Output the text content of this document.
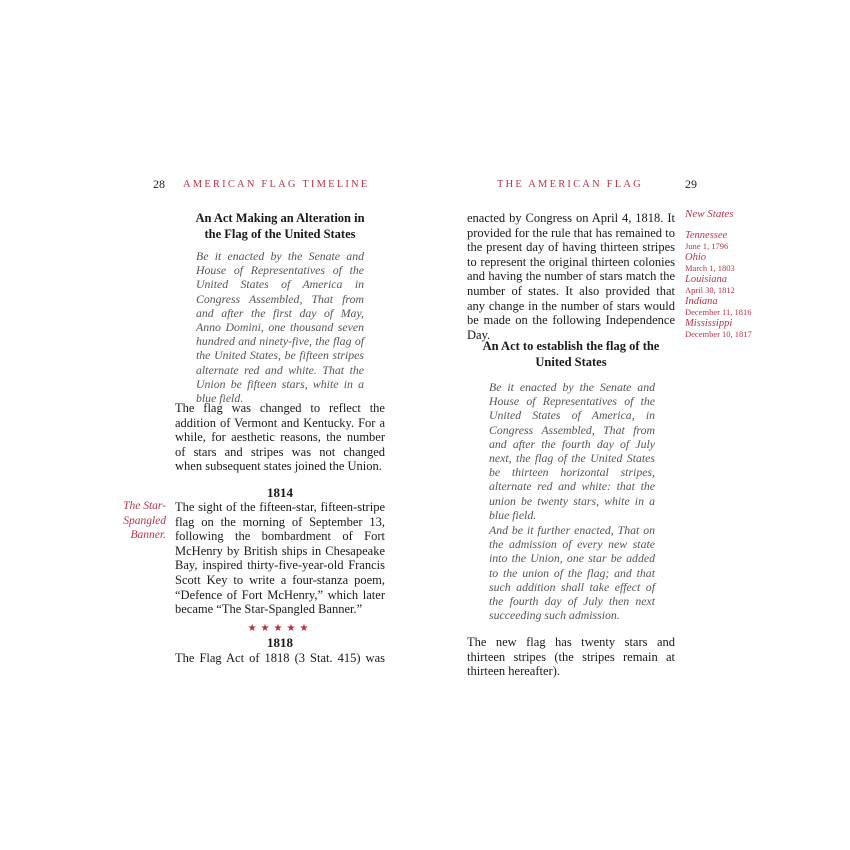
28 AMERICAN FLAG TIMELINE
An Act Making an Alteration in
the Flag of the United States
Be it enacted by the Senate and House of Representatives of the United States of America in Congress Assembled, That from and after the first day of May, Anno Domini, one thousand seven hundred and ninety-five, the flag of the United States, be fifteen stripes alternate red and white. That the Union be fifteen stars, white in a blue field.
The flag was changed to reflect the addition of Vermont and Kentucky. For a while, for aesthetic reasons, the number of stars and stripes was not changed when subsequent states joined the Union.
1814
The Star-Spangled Banner.
The sight of the fifteen-star, fifteen-stripe flag on the morning of September 13, following the bombardment of Fort McHenry by British ships in Chesapeake Bay, inspired thirty-five-year-old Francis Scott Key to write a four-stanza poem, “Defence of Fort McHenry,” which later became “The Star-Spangled Banner.”
★★★★★
1818
The Flag Act of 1818 (3 Stat. 415) was
THE AMERICAN FLAG	29
enacted by Congress on April 4, 1818. It provided for the rule that has remained to the present day of having thirteen stripes to represent the original thirteen colonies and having the number of stars match the number of states. It also provided that any change in the number of stars would be made on the following Independence Day.
An Act to establish the flag of the
United States
Be it enacted by the Senate and House of Representatives of the United States of America, in Congress Assembled, That from and after the fourth day of July next, the flag of the United States be thirteen horizontal stripes, alternate red and white: that the union be twenty stars, white in a blue field.
And be it further enacted, That on the admission of every new state into the Union, one star be added to the union of the flag; and that such addition shall take effect of the fourth day of July then next succeeding such admission.
The new flag has twenty stars and thirteen stripes (the stripes remain at thirteen hereafter).
New States
Tennessee
June 1, 1796
Ohio
March 1, 1803
Louisiana
April 30, 1812
Indiana
December 11, 1816
Mississippi
December 10, 1817
